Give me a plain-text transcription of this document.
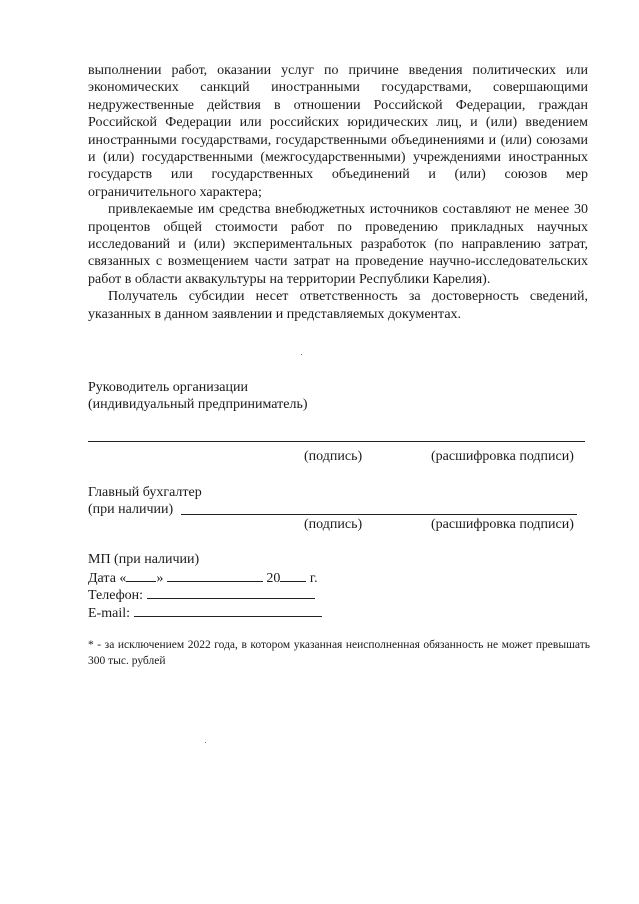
выполнении работ, оказании услуг по причине введения политических или экономических санкций иностранными государствами, совершающими недружественные действия в отношении Российской Федерации, граждан Российской Федерации или российских юридических лиц, и (или) введением иностранными государствами, государственными объединениями и (или) союзами и (или) государственными (межгосударственными) учреждениями иностранных государств или государственных объединений и (или) союзов мер ограничительного характера;

привлекаемые им средства внебюджетных источников составляют не менее 30 процентов общей стоимости работ по проведению прикладных научных исследований и (или) экспериментальных разработок (по направлению затрат, связанных с возмещением части затрат на проведение научно-исследовательских работ в области аквакультуры на территории Республики Карелия).

Получатель субсидии несет ответственность за достоверность сведений, указанных в данном заявлении и представляемых документах.

Руководитель организации
(индивидуальный предприниматель)
(подпись)	(расшифровка подписи)
Главный бухгалтер
(при наличии)
(подпись)	(расшифровка подписи)
МП (при наличии)
Дата « »	20 г.
Телефон:
E-mail:
* - за исключением 2022 года, в котором указанная неисполненная обязанность не может превышать 300 тыс. рублей
